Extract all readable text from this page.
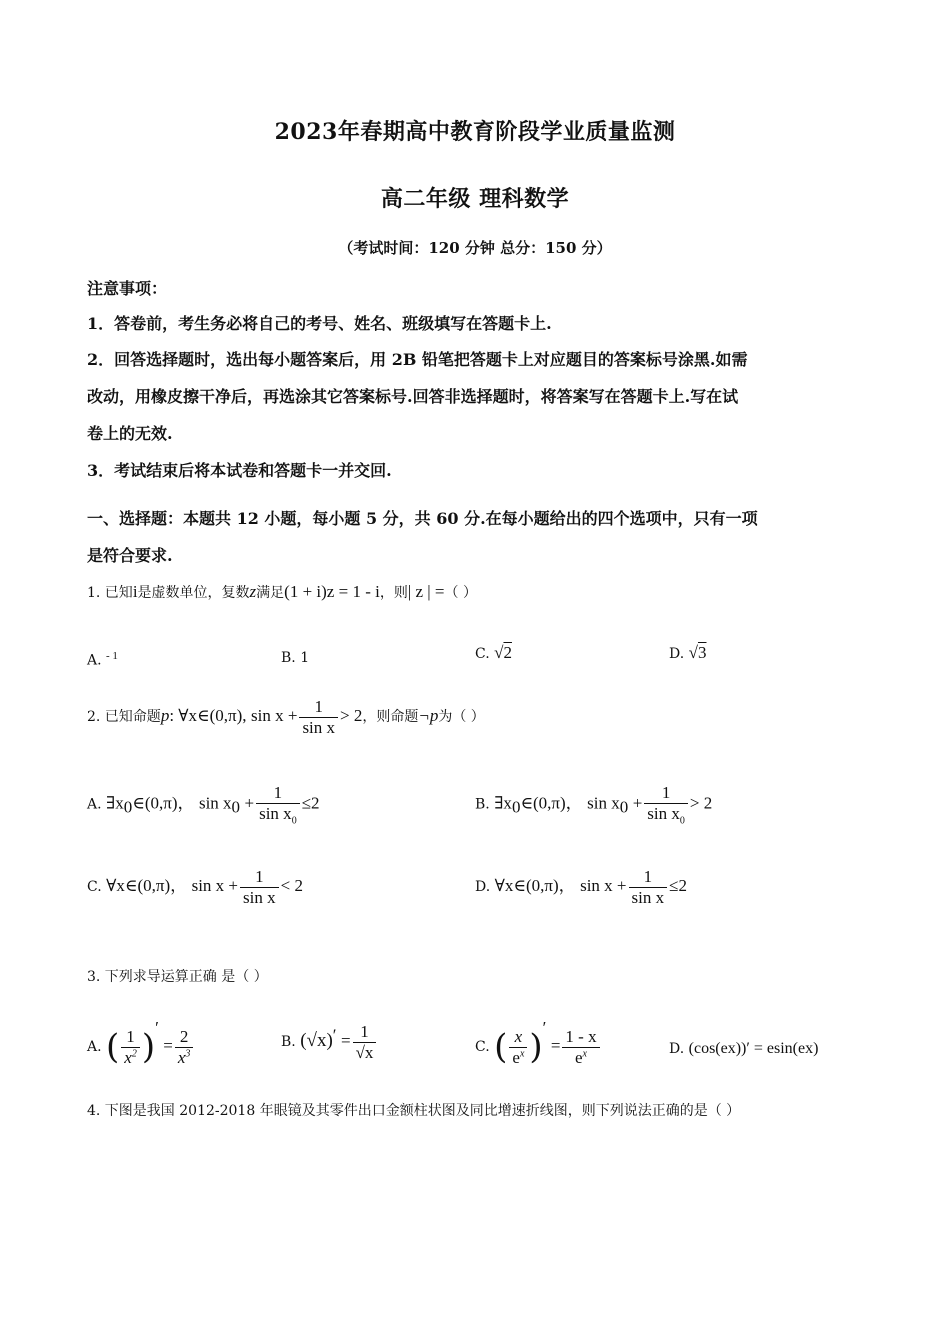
2023年春期高中教育阶段学业质量监测
高二年级 理科数学
（考试时间：120 分钟 总分：150 分）
注意事项：
1．答卷前，考生务必将自己的考号、姓名、班级填写在答题卡上.
2．回答选择题时，选出每小题答案后，用 2B 铅笔把答题卡上对应题目的答案标号涂黑.如需
改动，用橡皮擦干净后，再选涂其它答案标号.回答非选择题时，将答案写在答题卡上.写在试
卷上的无效.
3．考试结束后将本试卷和答题卡一并交回.
一、选择题：本题共 12 小题，每小题 5 分，共 60 分.在每小题给出的四个选项中，只有一项
是符合要求.
1. 已知i是虚数单位，复数z满足(1 + i)z = 1 - i，则| z | =（ ）
A. $^{- 1}$	B. 1	C. √2	D. √3
2. 已知命题p: ∀x∈(0,π), $\sin x + \frac{1}{\text{sin x}} > 2$，则命题¬p为（ ）
A. $\exists x_0\in(0,\pi)$， $\sin x_0 + \frac{1}{\sin x_0} \le 2$	B. $\exists x_0\in(0,\pi)$， $\sin x_0 + \frac{1}{\sin x_0} > 2$
C. ∀x∈(0,π)， $\sin x + \frac{1}{\text{sin x}} < 2$	D. ∀x∈(0,π)， $\sin x + \frac{1}{\text{sin x}} \le 2$
3. 下列求导运算正确 是（ ）
A. ( $\frac{1}{x^2} )' = \frac{2}{x^3}$	B. $(√x)' = \frac{1}{√x}$	C. ( $\frac{x}{e^x} )' = \frac{1 - x}{e^x}$	D. (cos(ex))′ = esin(ex)
4. 下图是我国 2012-2018 年眼镜及其零件出口金额柱状图及同比增速折线图，则下列说法正确的是（ ）
